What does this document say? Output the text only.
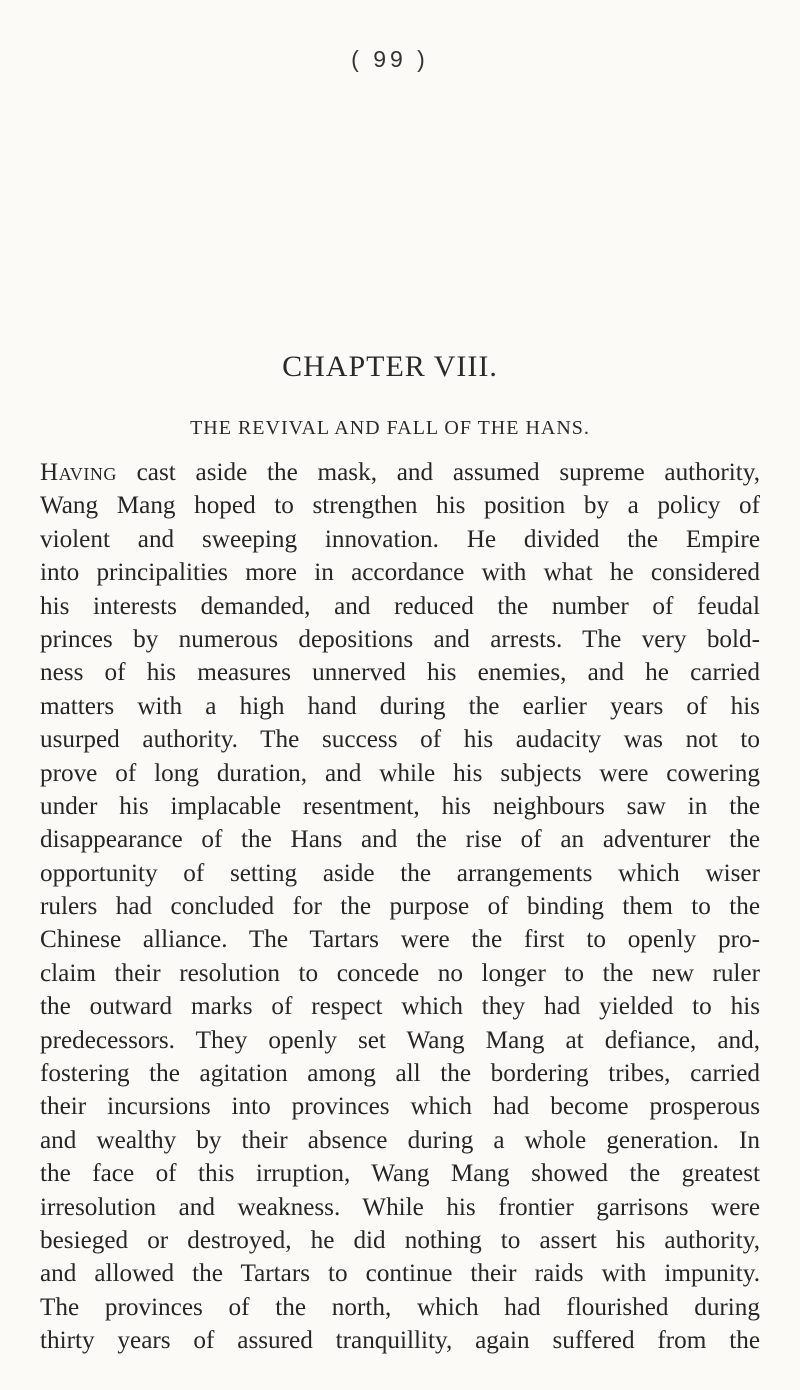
( 99 )
CHAPTER VIII.
THE REVIVAL AND FALL OF THE HANS.
Having cast aside the mask, and assumed supreme authority,
Wang Mang hoped to strengthen his position by a policy of
violent and sweeping innovation. He divided the Empire
into principalities more in accordance with what he considered
his interests demanded, and reduced the number of feudal
princes by numerous depositions and arrests. The very bold-
ness of his measures unnerved his enemies, and he carried
matters with a high hand during the earlier years of his
usurped authority. The success of his audacity was not to
prove of long duration, and while his subjects were cowering
under his implacable resentment, his neighbours saw in the
disappearance of the Hans and the rise of an adventurer the
opportunity of setting aside the arrangements which wiser
rulers had concluded for the purpose of binding them to the
Chinese alliance. The Tartars were the first to openly pro-
claim their resolution to concede no longer to the new ruler
the outward marks of respect which they had yielded to his
predecessors. They openly set Wang Mang at defiance, and,
fostering the agitation among all the bordering tribes, carried
their incursions into provinces which had become prosperous
and wealthy by their absence during a whole generation. In
the face of this irruption, Wang Mang showed the greatest
irresolution and weakness. While his frontier garrisons were
besieged or destroyed, he did nothing to assert his authority,
and allowed the Tartars to continue their raids with impunity.
The provinces of the north, which had flourished during
thirty years of assured tranquillity, again suffered from the
